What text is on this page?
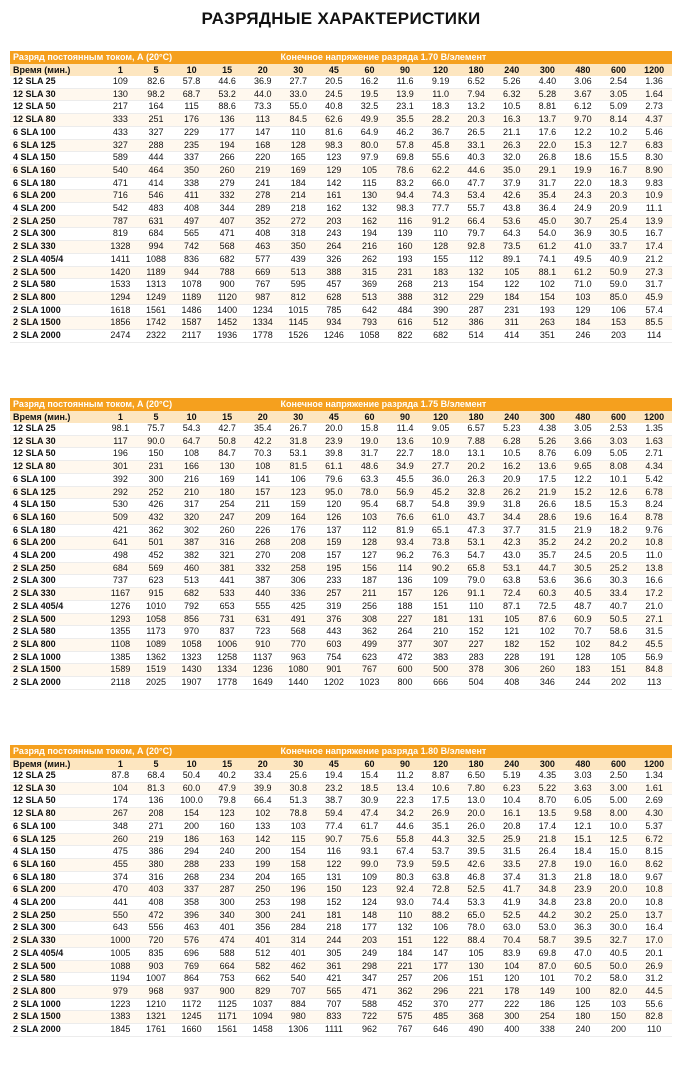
РАЗРЯДНЫЕ ХАРАКТЕРИСТИКИ
Разряд постоянным током, А (20°С)						Конечное напряжение разряда 1.70 В/элемент										
Время (мин.)	1	5	10	15	20	30	45	60	90	120	180	240	300	480	600	1200
12 SLA 25	109	82.6	57.8	44.6	36.9	27.7	20.5	16.2	11.6	9.19	6.52	5.26	4.40	3.06	2.54	1.36
12 SLA 30	130	98.2	68.7	53.2	44.0	33.0	24.5	19.5	13.9	11.0	7.94	6.32	5.28	3.67	3.05	1.64
12 SLA 50	217	164	115	88.6	73.3	55.0	40.8	32.5	23.1	18.3	13.2	10.5	8.81	6.12	5.09	2.73
12 SLA 80	333	251	176	136	113	84.5	62.6	49.9	35.5	28.2	20.3	16.3	13.7	9.70	8.14	4.37
6 SLA 100	433	327	229	177	147	110	81.6	64.9	46.2	36.7	26.5	21.1	17.6	12.2	10.2	5.46
6 SLA 125	327	288	235	194	168	128	98.3	80.0	57.8	45.8	33.1	26.3	22.0	15.3	12.7	6.83
4 SLA 150	589	444	337	266	220	165	123	97.9	69.8	55.6	40.3	32.0	26.8	18.6	15.5	8.30
6 SLA 160	540	464	350	260	219	169	129	105	78.6	62.2	44.6	35.0	29.1	19.9	16.7	8.90
6 SLA 180	471	414	338	279	241	184	142	115	83.2	66.0	47.7	37.9	31.7	22.0	18.3	9.83
6 SLA 200	716	546	411	332	278	214	161	130	94.4	74.3	53.4	42.6	35.4	24.3	20.3	10.9
4 SLA 200	542	483	408	344	289	218	162	132	98.3	77.7	55.7	43.8	36.4	24.9	20.9	11.1
2 SLA 250	787	631	497	407	352	272	203	162	116	91.2	66.4	53.6	45.0	30.7	25.4	13.9
2 SLA 300	819	684	565	471	408	318	243	194	139	110	79.7	64.3	54.0	36.9	30.5	16.7
2 SLA 330	1328	994	742	568	463	350	264	216	160	128	92.8	73.5	61.2	41.0	33.7	17.4
2 SLA 405/4	1411	1088	836	682	577	439	326	262	193	155	112	89.1	74.1	49.5	40.9	21.2
2 SLA 500	1420	1189	944	788	669	513	388	315	231	183	132	105	88.1	61.2	50.9	27.3
2 SLA 580	1533	1313	1078	900	767	595	457	369	268	213	154	122	102	71.0	59.0	31.7
2 SLA 800	1294	1249	1189	1120	987	812	628	513	388	312	229	184	154	103	85.0	45.9
2 SLA 1000	1618	1561	1486	1400	1234	1015	785	642	484	390	287	231	193	129	106	57.4
2 SLA 1500	1856	1742	1587	1452	1334	1145	934	793	616	512	386	311	263	184	153	85.5
2 SLA 2000	2474	2322	2117	1936	1778	1526	1246	1058	822	682	514	414	351	246	203	114
Разряд постоянным током, А (20°С)						Конечное напряжение разряда 1.75 В/элемент										
Время (мин.)	1	5	10	15	20	30	45	60	90	120	180	240	300	480	600	1200
12 SLA 25	98.1	75.7	54.3	42.7	35.4	26.7	20.0	15.8	11.4	9.05	6.57	5.23	4.38	3.05	2.53	1.35
12 SLA 30	117	90.0	64.7	50.8	42.2	31.8	23.9	19.0	13.6	10.9	7.88	6.28	5.26	3.66	3.03	1.63
12 SLA 50	196	150	108	84.7	70.3	53.1	39.8	31.7	22.7	18.0	13.1	10.5	8.76	6.09	5.05	2.71
12 SLA 80	301	231	166	130	108	81.5	61.1	48.6	34.9	27.7	20.2	16.2	13.6	9.65	8.08	4.34
6 SLA 100	392	300	216	169	141	106	79.6	63.3	45.5	36.0	26.3	20.9	17.5	12.2	10.1	5.42
6 SLA 125	292	252	210	180	157	123	95.0	78.0	56.9	45.2	32.8	26.2	21.9	15.2	12.6	6.78
4 SLA 150	530	426	317	254	211	159	120	95.4	68.7	54.8	39.9	31.8	26.6	18.5	15.3	8.24
6 SLA 160	509	432	320	247	209	164	126	103	76.6	61.0	43.7	34.4	28.6	19.6	16.4	8.78
6 SLA 180	421	362	302	260	226	176	137	112	81.9	65.1	47.3	37.7	31.5	21.9	18.2	9.76
6 SLA 200	641	501	387	316	268	208	159	128	93.4	73.8	53.1	42.3	35.2	24.2	20.2	10.8
4 SLA 200	498	452	382	321	270	208	157	127	96.2	76.3	54.7	43.0	35.7	24.5	20.5	11.0
2 SLA 250	684	569	460	381	332	258	195	156	114	90.2	65.8	53.1	44.7	30.5	25.2	13.8
2 SLA 300	737	623	513	441	387	306	233	187	136	109	79.0	63.8	53.6	36.6	30.3	16.6
2 SLA 330	1167	915	682	533	440	336	257	211	157	126	91.1	72.4	60.3	40.5	33.4	17.2
2 SLA 405/4	1276	1010	792	653	555	425	319	256	188	151	110	87.1	72.5	48.7	40.7	21.0
2 SLA 500	1293	1058	856	731	631	491	376	308	227	181	131	105	87.6	60.9	50.5	27.1
2 SLA 580	1355	1173	970	837	723	568	443	362	264	210	152	121	102	70.7	58.6	31.5
2 SLA 800	1108	1089	1058	1006	910	770	603	499	377	307	227	182	152	102	84.2	45.5
2 SLA 1000	1385	1362	1323	1258	1137	963	754	623	472	383	283	228	191	128	105	56.9
2 SLA 1500	1589	1519	1430	1334	1236	1080	901	767	600	500	378	306	260	183	151	84.8
2 SLA 2000	2118	2025	1907	1778	1649	1440	1202	1023	800	666	504	408	346	244	202	113
Разряд постоянным током, А (20°С)						Конечное напряжение разряда 1.80 В/элемент										
Время (мин.)	1	5	10	15	20	30	45	60	90	120	180	240	300	480	600	1200
12 SLA 25	87.8	68.4	50.4	40.2	33.4	25.6	19.4	15.4	11.2	8.87	6.50	5.19	4.35	3.03	2.50	1.34
12 SLA 30	104	81.3	60.0	47.9	39.9	30.8	23.2	18.5	13.4	10.6	7.80	6.23	5.22	3.63	3.00	1.61
12 SLA 50	174	136	100.0	79.8	66.4	51.3	38.7	30.9	22.3	17.5	13.0	10.4	8.70	6.05	5.00	2.69
12 SLA 80	267	208	154	123	102	78.8	59.4	47.4	34.2	26.9	20.0	16.1	13.5	9.58	8.00	4.30
6 SLA 100	348	271	200	160	133	103	77.4	61.7	44.6	35.1	26.0	20.8	17.4	12.1	10.0	5.37
6 SLA 125	260	219	186	163	142	115	90.7	75.6	55.8	44.3	32.5	25.9	21.8	15.1	12.5	6.72
4 SLA 150	475	386	294	240	200	154	116	93.1	67.4	53.7	39.5	31.5	26.4	18.4	15.0	8.15
6 SLA 160	455	380	288	233	199	158	122	99.0	73.9	59.5	42.6	33.5	27.8	19.0	16.0	8.62
6 SLA 180	374	316	268	234	204	165	131	109	80.3	63.8	46.8	37.4	31.3	21.8	18.0	9.67
6 SLA 200	470	403	337	287	250	196	150	123	92.4	72.8	52.5	41.7	34.8	23.9	20.0	10.8
4 SLA 200	441	408	358	300	253	198	152	124	93.0	74.4	53.3	41.9	34.8	23.8	20.0	10.8
2 SLA 250	550	472	396	340	300	241	181	148	110	88.2	65.0	52.5	44.2	30.2	25.0	13.7
2 SLA 300	643	556	463	401	356	284	218	177	132	106	78.0	63.0	53.0	36.3	30.0	16.4
2 SLA 330	1000	720	576	474	401	314	244	203	151	122	88.4	70.4	58.7	39.5	32.7	17.0
2 SLA 405/4	1005	835	696	588	512	401	305	249	184	147	105	83.9	69.8	47.0	40.5	20.1
2 SLA 500	1088	903	769	664	582	462	361	298	221	177	130	104	87.0	60.5	50.0	26.9
2 SLA 580	1194	1007	864	753	662	540	421	347	257	206	151	120	101	70.2	58.0	31.2
2 SLA 800	979	968	937	900	829	707	565	471	362	296	221	178	149	100	82.0	44.5
2 SLA 1000	1223	1210	1172	1125	1037	884	707	588	452	370	277	222	186	125	103	55.6
2 SLA 1500	1383	1321	1245	1171	1094	980	833	722	575	485	368	300	254	180	150	82.8
2 SLA 2000	1845	1761	1660	1561	1458	1306	1111	962	767	646	490	400	338	240	200	110
